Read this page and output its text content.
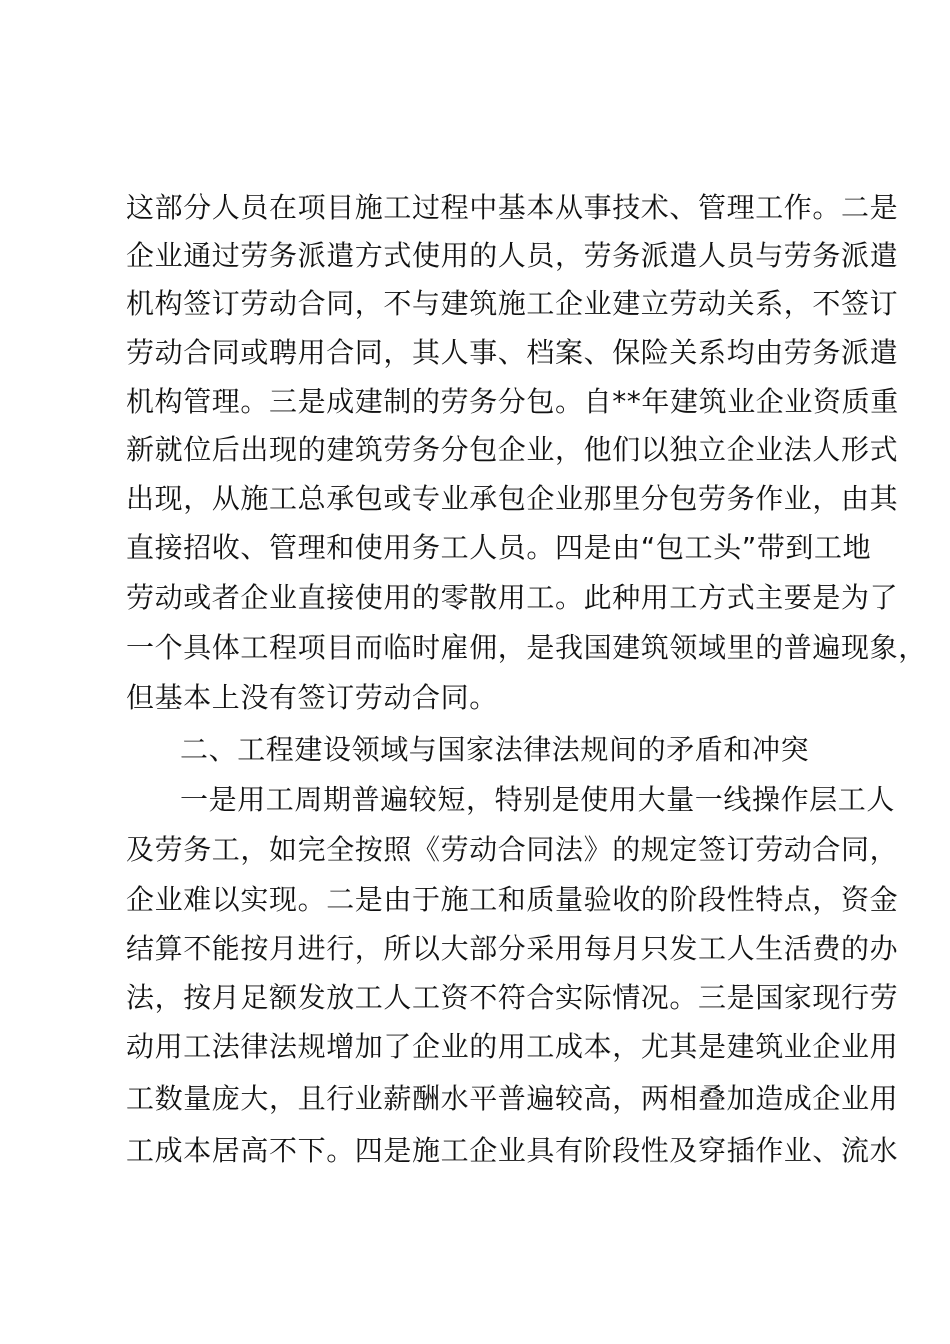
这部分人员在项目施工过程中基本从事技术、管理工作。二是

企业通过劳务派遣方式使用的人员，劳务派遣人员与劳务派遣

机构签订劳动合同，不与建筑施工企业建立劳动关系，不签订

劳动合同或聘用合同，其人事、档案、保险关系均由劳务派遣

机构管理。三是成建制的劳务分包。自**年建筑业企业资质重

新就位后出现的建筑劳务分包企业，他们以独立企业法人形式

出现，从施工总承包或专业承包企业那里分包劳务作业，由其

直接招收、管理和使用务工人员。四是由“包工头”带到工地

劳动或者企业直接使用的零散用工。此种用工方式主要是为了

一个具体工程项目而临时雇佣，是我国建筑领域里的普遍现象，

但基本上没有签订劳动合同。

二、工程建设领域与国家法律法规间的矛盾和冲突

一是用工周期普遍较短，特别是使用大量一线操作层工人

及劳务工，如完全按照《劳动合同法》的规定签订劳动合同，

企业难以实现。二是由于施工和质量验收的阶段性特点，资金

结算不能按月进行，所以大部分采用每月只发工人生活费的办

法，按月足额发放工人工资不符合实际情况。三是国家现行劳

动用工法律法规增加了企业的用工成本，尤其是建筑业企业用

工数量庞大，且行业薪酬水平普遍较高，两相叠加造成企业用

工成本居高不下。四是施工企业具有阶段性及穿插作业、流水
